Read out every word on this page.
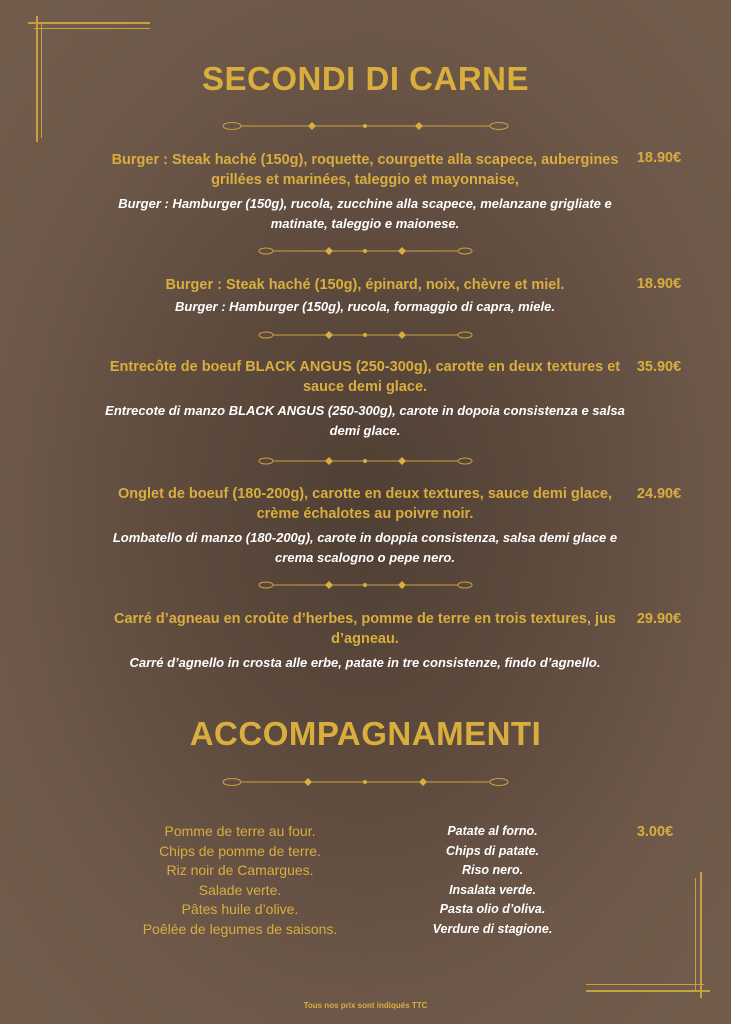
SECONDI DI CARNE
Burger : Steak haché (150g), roquette, courgette alla scapece, aubergines grillées et marinées, taleggio et mayonnaise,
Burger : Hamburger (150g), rucola, zucchine alla scapece, melanzane grigliate e matinate, taleggio e maionese.
18.90€
Burger : Steak haché (150g), épinard, noix, chèvre et miel.
Burger : Hamburger (150g), rucola, formaggio di capra, miele.
18.90€
Entrecôte de boeuf BLACK ANGUS (250-300g), carotte en deux textures et sauce demi glace.
Entrecote di manzo BLACK ANGUS (250-300g), carote in dopoia consistenza e salsa demi glace.
35.90€
Onglet de boeuf (180-200g), carotte en deux textures, sauce demi glace, crème échalotes au poivre noir.
Lombatello di manzo (180-200g), carote in doppia consistenza, salsa demi glace e crema scalogno o pepe nero.
24.90€
Carré d’agneau en croûte d’herbes, pomme de terre en trois textures, jus d’agneau.
Carré d’agnello in crosta alle erbe, patate in tre consistenze, findo d’agnello.
29.90€
ACCOMPAGNAMENTI
Pomme de terre au four.
Chips de pomme de terre.
Riz noir de Camargues.
Salade verte.
Pâtes huile d’olive.
Poêlée de legumes de saisons.
Patate al forno.
Chips di patate.
Riso nero.
Insalata verde.
Pasta olio d’oliva.
Verdure di stagione.
3.00€
Tous nos prix sont indiqués TTC
